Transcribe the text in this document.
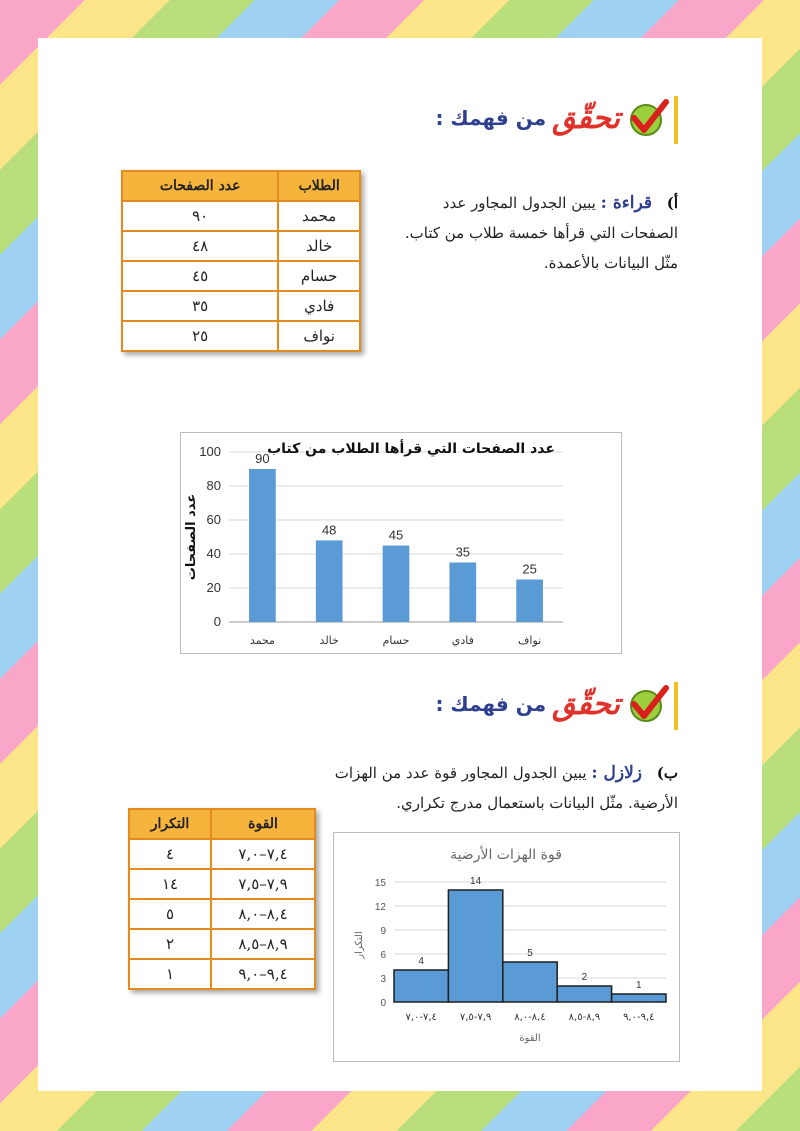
تحقّق
من فهمك :
أ) قراءة : يبين الجدول المجاور عدد
الصفحات التي قرأها خمسة طلاب من كتاب.
مثّل البيانات بالأعمدة.
الطلاب	عدد الصفحات
محمد	٩٠
خالد	٤٨
حسام	٤٥
فادي	٣٥
نواف	٢٥
0
20
40
60
80
100	90
محمد
48
خالد
45
حسام
35
فادي
25
نواف
عدد الصفحات التي قرأها الطلاب من كتاب
عدد الصفحات
تحقّق
من فهمك :
ب) زلازل : يبين الجدول المجاور قوة عدد من الهزات
الأرضية. مثّل البيانات باستعمال مدرج تكراري.
القوة	التكرار
٧,٤–٧,٠	٤
٧,٩–٧,٥	١٤
٨,٤–٨,٠	٥
٨,٩–٨,٥	٢
٩,٤–٩,٠	١
0
3
6
9
12
15
4
٧,٤-٧,٠
14
٧,٩-٧,٥
5
٨,٤-٨,٠
2
٨,٩-٨,٥
1
٩,٤-٩,٠
قوة الهزات الأرضية
التكرار
القوة
